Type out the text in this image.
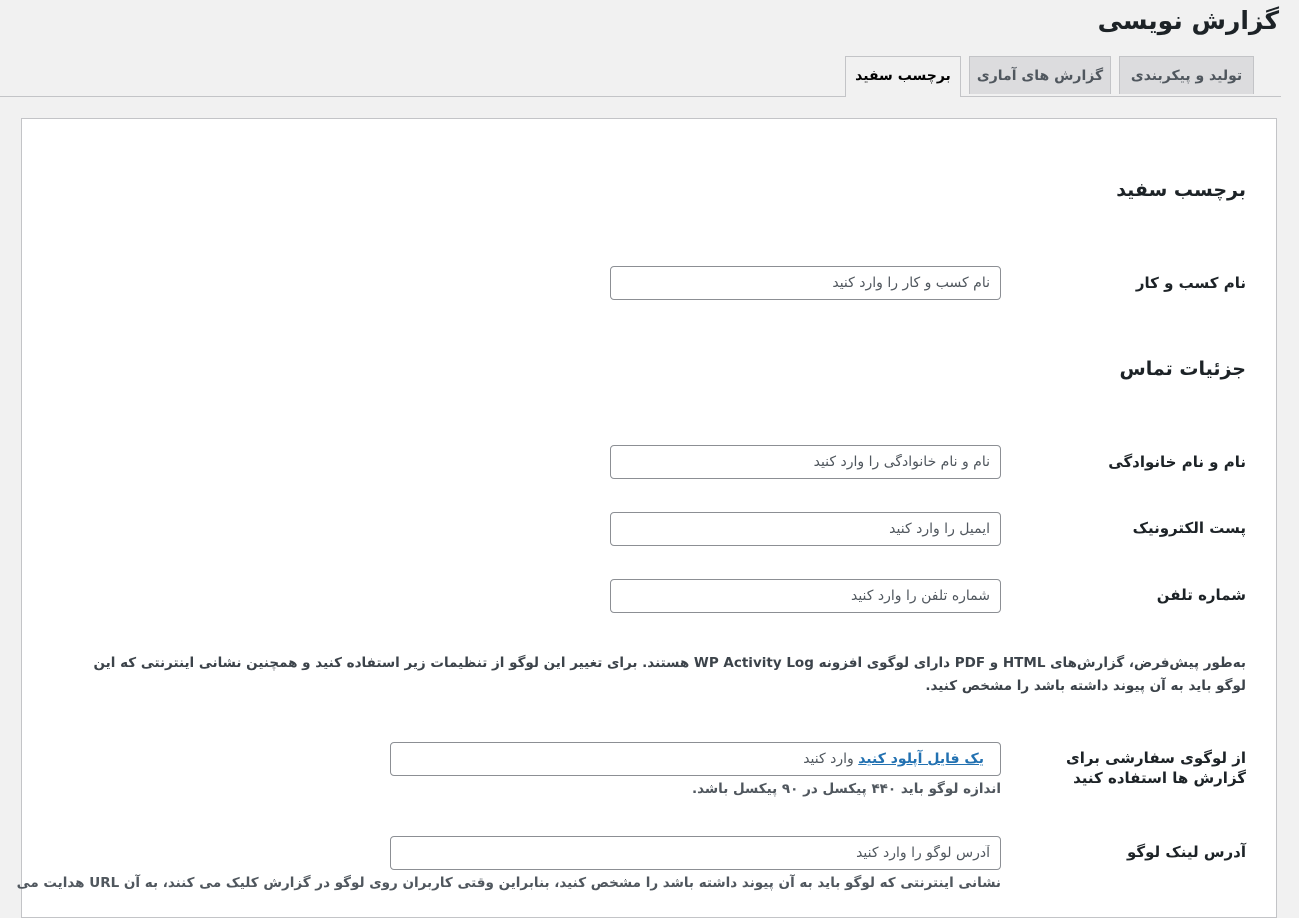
گزارش نویسی
تولید و پیکربندی
گزارش های آماری
برچسب سفید
برچسب سفید
نام کسب و کار
نام کسب و کار را وارد کنید
جزئیات تماس
نام و نام خانوادگی
نام و نام خانوادگی را وارد کنید
پست الکترونیک
ایمیل را وارد کنید
شماره تلفن
شماره تلفن را وارد کنید

به‌طور پیش‌فرض، گزارش‌های HTML و PDF دارای لوگوی افزونه WP Activity Log هستند. برای تغییر این لوگو از تنظیمات زیر استفاده کنید و همچنین نشانی اینترنتی که این لوگو باید به آن پیوند داشته باشد را مشخص کنید.

از لوگوی سفارشی برای گزارش ها استفاده کنید
یک فایل آپلود کنید وارد کنید
اندازه لوگو باید ۴۴۰ پیکسل در ۹۰ پیکسل باشد.
آدرس لینک لوگو
آدرس لوگو را وارد کنید
نشانی اینترنتی که لوگو باید به آن پیوند داشته باشد را مشخص کنید، بنابراین وقتی کاربران روی لوگو در گزارش کلیک می کنند، به آن URL هدایت می
